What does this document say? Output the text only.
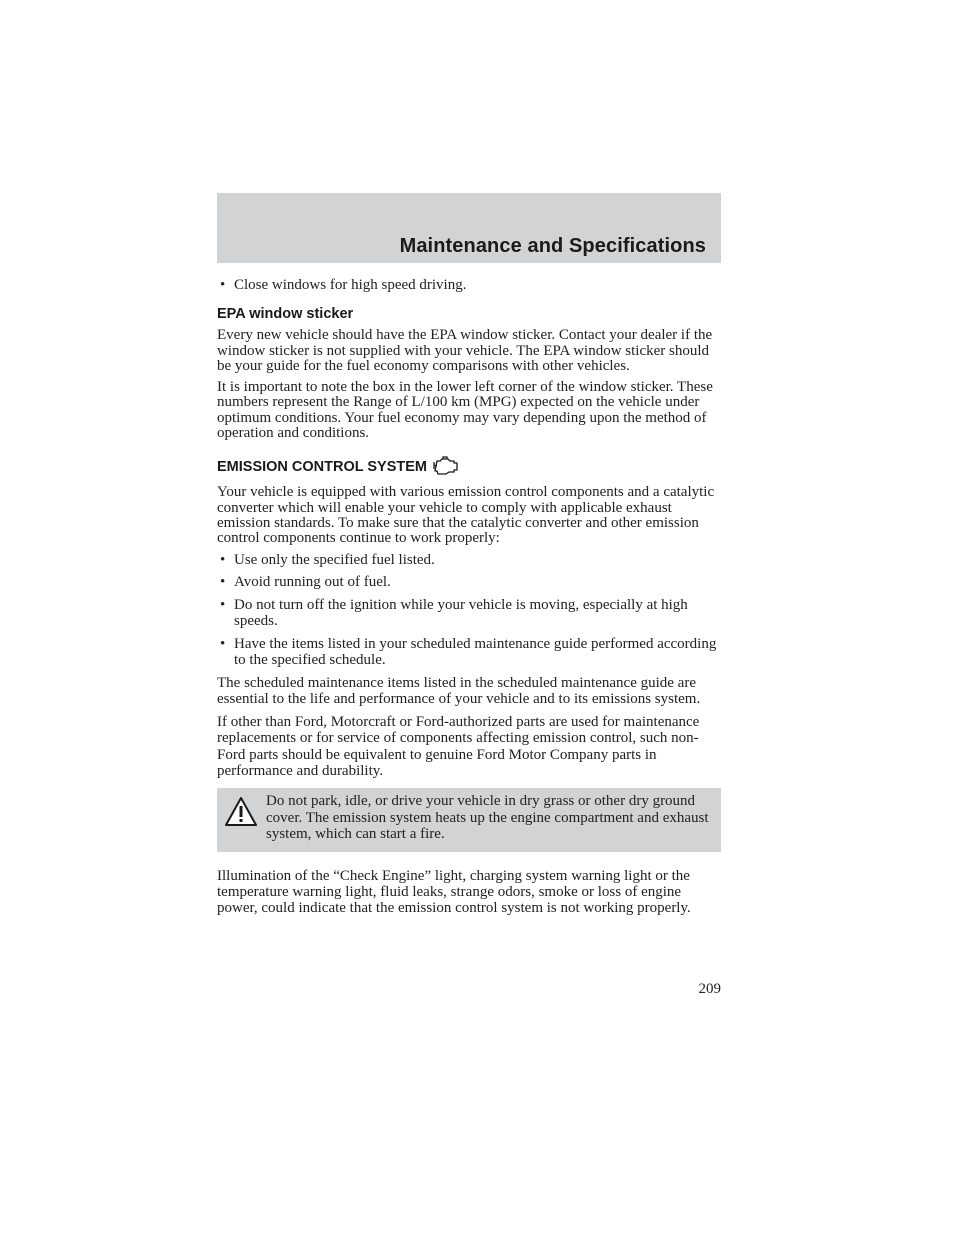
Maintenance and Specifications
• Close windows for high speed driving.
EPA window sticker

Every new vehicle should have the EPA window sticker. Contact your dealer if the window sticker is not supplied with your vehicle. The EPA window sticker should be your guide for the fuel economy comparisons with other vehicles.

It is important to note the box in the lower left corner of the window sticker. These numbers represent the Range of L/100 km (MPG) expected on the vehicle under optimum conditions. Your fuel economy may vary depending upon the method of operation and conditions.

EMISSION CONTROL SYSTEM

Your vehicle is equipped with various emission control components and a catalytic converter which will enable your vehicle to comply with applicable exhaust emission standards. To make sure that the catalytic converter and other emission control components continue to work properly:

• Use only the specified fuel listed.
• Avoid running out of fuel.
• Do not turn off the ignition while your vehicle is moving, especially at high speeds.
• Have the items listed in your scheduled maintenance guide performed according to the specified schedule.

The scheduled maintenance items listed in the scheduled maintenance guide are essential to the life and performance of your vehicle and to its emissions system.

If other than Ford, Motorcraft or Ford-authorized parts are used for maintenance replacements or for service of components affecting emission control, such non-Ford parts should be equivalent to genuine Ford Motor Company parts in performance and durability.

Do not park, idle, or drive your vehicle in dry grass or other dry ground cover. The emission system heats up the engine compartment and exhaust system, which can start a fire.

Illumination of the “Check Engine” light, charging system warning light or the temperature warning light, fluid leaks, strange odors, smoke or loss of engine power, could indicate that the emission control system is not working properly.

209
